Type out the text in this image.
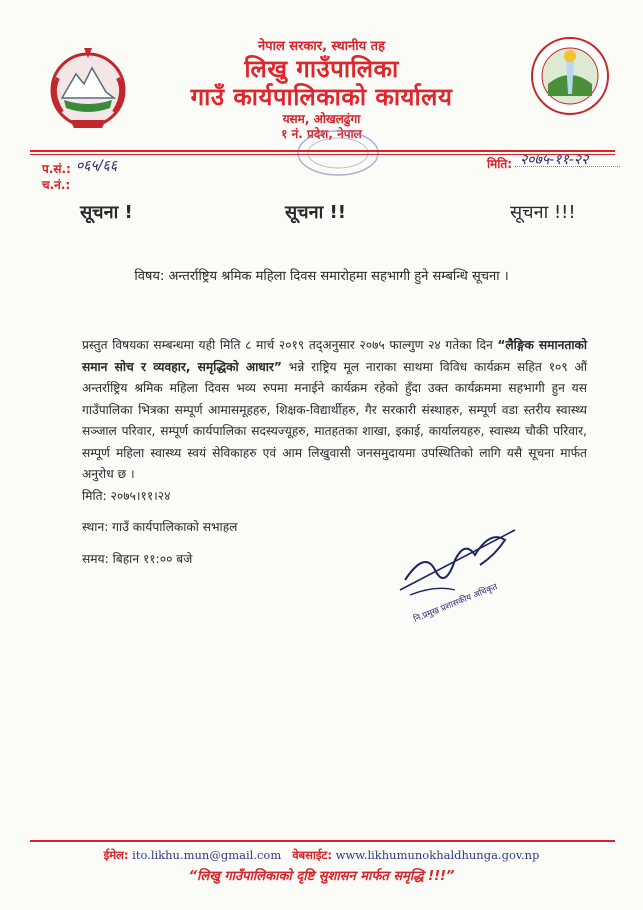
नेपाल सरकार, स्थानीय तह
लिखु गाउँपालिका
गाउँ कार्यपालिकाको कार्यालय
यसम, ओखलढुंगा
१ नं. प्रदेश, नेपाल
प.सं.: ०६५/६६
च.नं.:
मिति: २०७५-११-२२
सूचना !	सूचना !!	सूचना !!!
विषय: अन्तर्राष्ट्रिय श्रमिक महिला दिवस समारोहमा सहभागी हुने सम्बन्धि सूचना ।
प्रस्तुत विषयका सम्बन्धमा यही मिति ८ मार्च २०१९ तद्अनुसार २०७५ फाल्गुण २४ गतेका दिन “लैङ्गिक समानताको समान सोच र व्यवहार, समृद्धिको आधार” भन्ने राष्ट्रिय मूल नाराका साथमा विविध कार्यक्रम सहित १०९ औं अन्तर्राष्ट्रिय श्रमिक महिला दिवस भव्य रुपमा मनाईने कार्यक्रम रहेको हुँदा उक्त कार्यक्रममा सहभागी हुन यस गाउँपालिका भित्रका सम्पूर्ण आमासमूहहरु, शिक्षक-विद्यार्थीहरु, गैर सरकारी संस्थाहरु, सम्पूर्ण वडा स्तरीय स्वास्थ्य सञ्जाल परिवार, सम्पूर्ण कार्यपालिका सदस्यज्यूहरु, मातहतका शाखा, इकाई, कार्यालयहरु, स्वास्थ्य चौकी परिवार, सम्पूर्ण महिला स्वास्थ्य स्वयं सेविकाहरु एवं आम लिखुवासी जनसमुदायमा उपस्थितिको लागि यसै सूचना मार्फत अनुरोध छ ।
मिति: २०७५।११।२४
स्थान: गाउँ कार्यपालिकाको सभाहल
समय: बिहान ११:०० बजे
नि.प्रमुख प्रशासकीय अधिकृत
ईमेल: ito.likhu.mun@gmail.com वेबसाईट: www.likhumunokhaldhunga.gov.np
“लिखु गाउँपालिकाको दृष्टि सुशासन मार्फत समृद्धि !!!”
